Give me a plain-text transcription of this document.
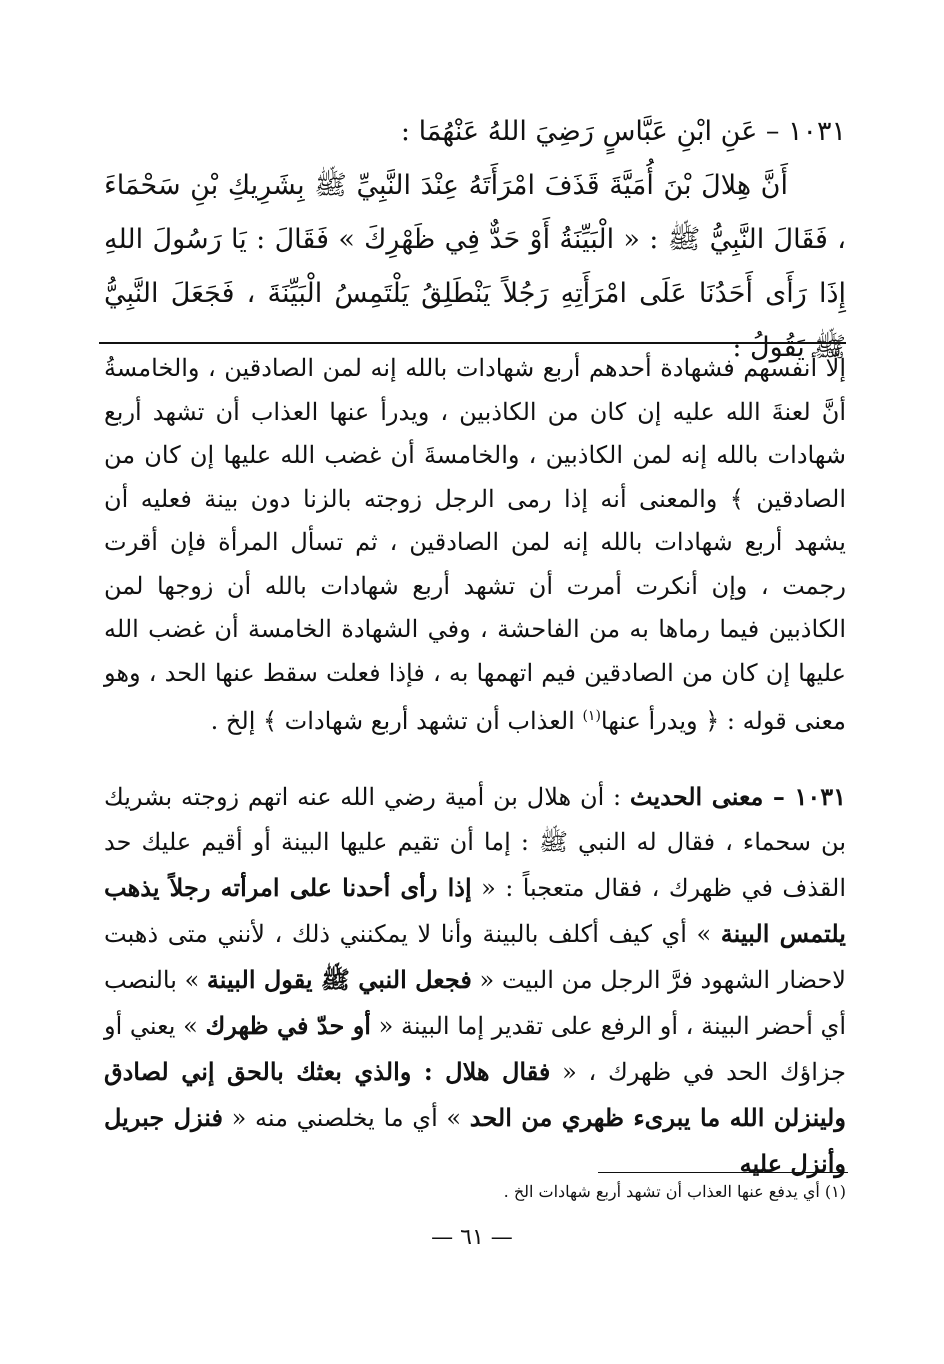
١٠٣١ – عَنِ ابْنِ عَبَّاسٍ رَضِيَ اللهُ عَنْهُمَا :

أَنَّ هِلالَ بْنَ أُمَيَّةَ قَذَفَ امْرَأَتَهُ عِنْدَ النَّبِيِّ ﷺ بِشَرِيكِ بْنِ سَحْمَاءَ ، فَقَالَ النَّبِيُّ ﷺ : « الْبَيِّنَةُ أَوْ حَدٌّ فِي ظَهْرِكَ » فَقَالَ : يَا رَسُولَ اللهِ إِذَا رَأَى أَحَدُنَا عَلَى امْرَأَتِهِ رَجُلاً يَنْطَلِقُ يَلْتَمِسُ الْبَيِّنَةَ ، فَجَعَلَ النَّبِيُّ ﷺ يَقُولُ :

إلّا أنفسهم فشهادة أحدهم أربع شهادات بالله إنه لمن الصادقين ، والخامسةُ أنَّ لعنةَ الله عليه إن كان من الكاذبين ، ويدرأ عنها العذاب أن تشهد أربع شهادات بالله إنه لمن الكاذبين ، والخامسةَ أن غضب الله عليها إن كان من الصادقين ﴾ والمعنى أنه إذا رمى الرجل زوجته بالزنا دون بينة فعليه أن يشهد أربع شهادات بالله إنه لمن الصادقين ، ثم تسأل المرأة فإن أقرت رجمت ، وإن أنكرت أمرت أن تشهد أربع شهادات بالله أن زوجها لمن الكاذبين فيما رماها به من الفاحشة ، وفي الشهادة الخامسة أن غضب الله عليها إن كان من الصادقين فيم اتهمها به ، فإذا فعلت سقط عنها الحد ، وهو معنى قوله : ﴿ ويدرأ عنها$^{(١)}$ العذاب أن تشهد أربع شهادات ﴾ إلخ .

١٠٣١ – معنى الحديث : أن هلال بن أمية رضي الله عنه اتهم زوجته بشريك بن سحماء ، فقال له النبي ﷺ : إما أن تقيم عليها البينة أو أقيم عليك حد القذف في ظهرك ، فقال متعجباً : « إذا رأى أحدنا على امرأته رجلاً يذهب يلتمس البينة » أي كيف أكلف بالبينة وأنا لا يمكنني ذلك ، لأنني متى ذهبت لاحضار الشهود فرَّ الرجل من البيت « فجعل النبي ﷺ يقول البينة » بالنصب أي أحضر البينة ، أو الرفع على تقدير إما البينة « أو حدّ في ظهرك » يعني أو جزاؤك الحد في ظهرك ، « فقال هلال : والذي بعثك بالحق إني لصادق ولينزلن الله ما يبرىء ظهري من الحد » أي ما يخلصني منه « فنزل جبريل وأنزل عليه

(١) أي يدفع عنها العذاب أن تشهد أربع شهادات الخ .
— ٦١ —
